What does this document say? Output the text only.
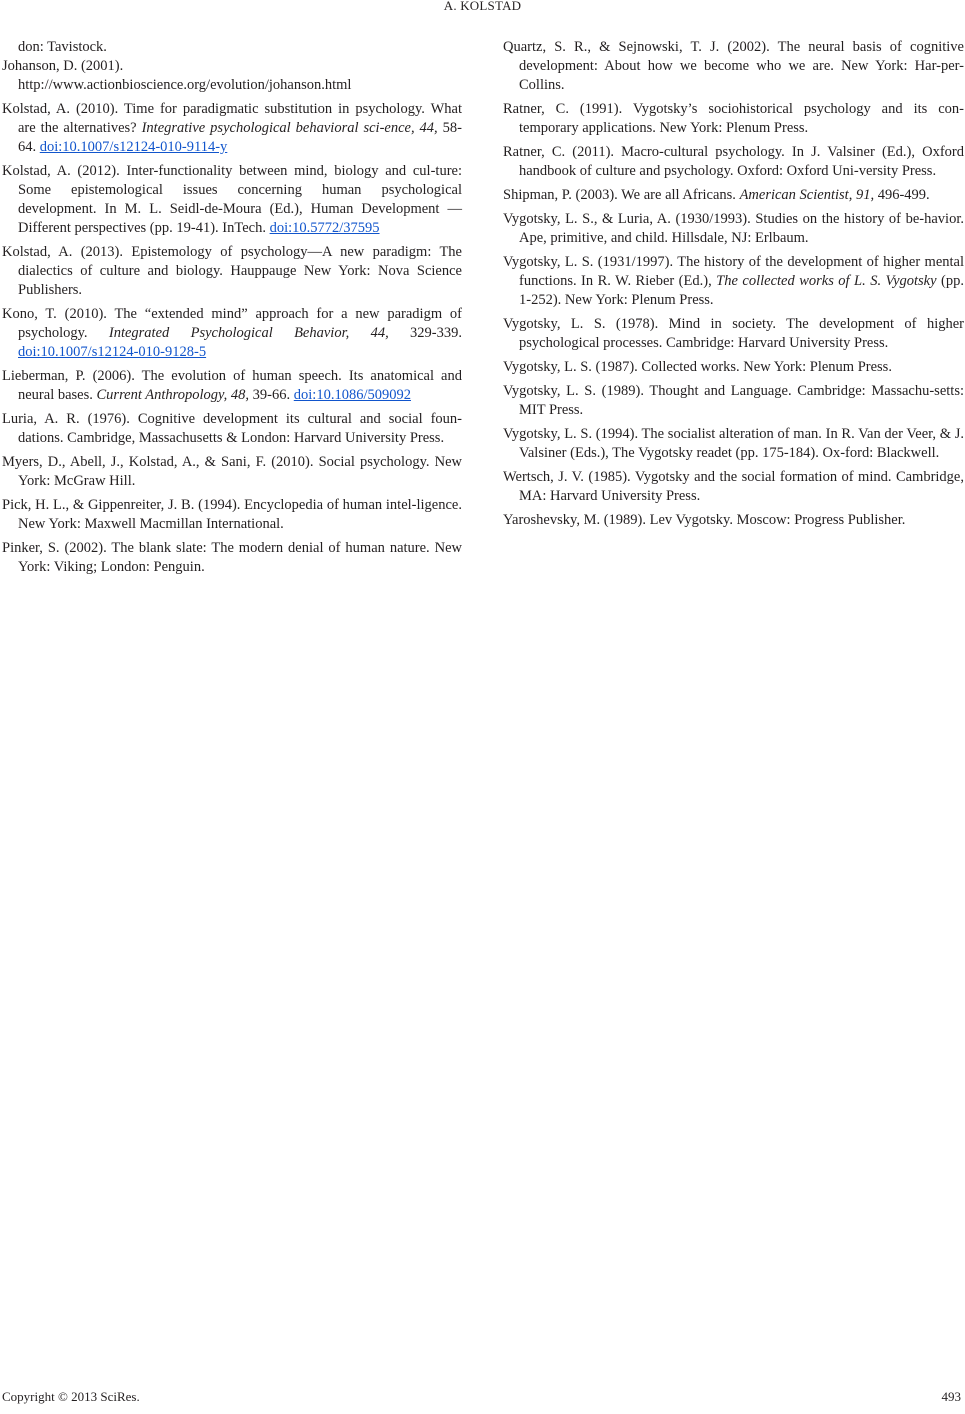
A. KOLSTAD

don: Tavistock.

Johanson, D. (2001).

http://www.actionbioscience.org/evolution/johanson.html

Kolstad, A. (2010). Time for paradigmatic substitution in psychology. What are the alternatives? Integrative psychological behavioral sci-ence, 44, 58-64. doi:10.1007/s12124-010-9114-y

Kolstad, A. (2012). Inter-functionality between mind, biology and cul-ture: Some epistemological issues concerning human psychological development. In M. L. Seidl-de-Moura (Ed.), Human Development —Different perspectives (pp. 19-41). InTech. doi:10.5772/37595

Kolstad, A. (2013). Epistemology of psychology—A new paradigm: The dialectics of culture and biology. Hauppauge New York: Nova Science Publishers.

Kono, T. (2010). The “extended mind” approach for a new paradigm of psychology. Integrated Psychological Behavior, 44, 329-339. doi:10.1007/s12124-010-9128-5

Lieberman, P. (2006). The evolution of human speech. Its anatomical and neural bases. Current Anthropology, 48, 39-66. doi:10.1086/509092

Luria, A. R. (1976). Cognitive development its cultural and social foun-dations. Cambridge, Massachusetts & London: Harvard University Press.

Myers, D., Abell, J., Kolstad, A., & Sani, F. (2010). Social psychology. New York: McGraw Hill.

Pick, H. L., & Gippenreiter, J. B. (1994). Encyclopedia of human intel-ligence. New York: Maxwell Macmillan International.

Pinker, S. (2002). The blank slate: The modern denial of human nature. New York: Viking; London: Penguin.

Quartz, S. R., & Sejnowski, T. J. (2002). The neural basis of cognitive development: About how we become who we are. New York: Har-per-Collins.

Ratner, C. (1991). Vygotsky’s sociohistorical psychology and its con-temporary applications. New York: Plenum Press.

Ratner, C. (2011). Macro-cultural psychology. In J. Valsiner (Ed.), Oxford handbook of culture and psychology. Oxford: Oxford Uni-versity Press.

Shipman, P. (2003). We are all Africans. American Scientist, 91, 496-499.

Vygotsky, L. S., & Luria, A. (1930/1993). Studies on the history of be-havior. Ape, primitive, and child. Hillsdale, NJ: Erlbaum.

Vygotsky, L. S. (1931/1997). The history of the development of higher mental functions. In R. W. Rieber (Ed.), The collected works of L. S. Vygotsky (pp. 1-252). New York: Plenum Press.

Vygotsky, L. S. (1978). Mind in society. The development of higher psychological processes. Cambridge: Harvard University Press.

Vygotsky, L. S. (1987). Collected works. New York: Plenum Press.

Vygotsky, L. S. (1989). Thought and Language. Cambridge: Massachu-setts: MIT Press.

Vygotsky, L. S. (1994). The socialist alteration of man. In R. Van der Veer, & J. Valsiner (Eds.), The Vygotsky readet (pp. 175-184). Ox-ford: Blackwell.

Wertsch, J. V. (1985). Vygotsky and the social formation of mind. Cambridge, MA: Harvard University Press.

Yaroshevsky, M. (1989). Lev Vygotsky. Moscow: Progress Publisher.

Copyright © 2013 SciRes.	493
